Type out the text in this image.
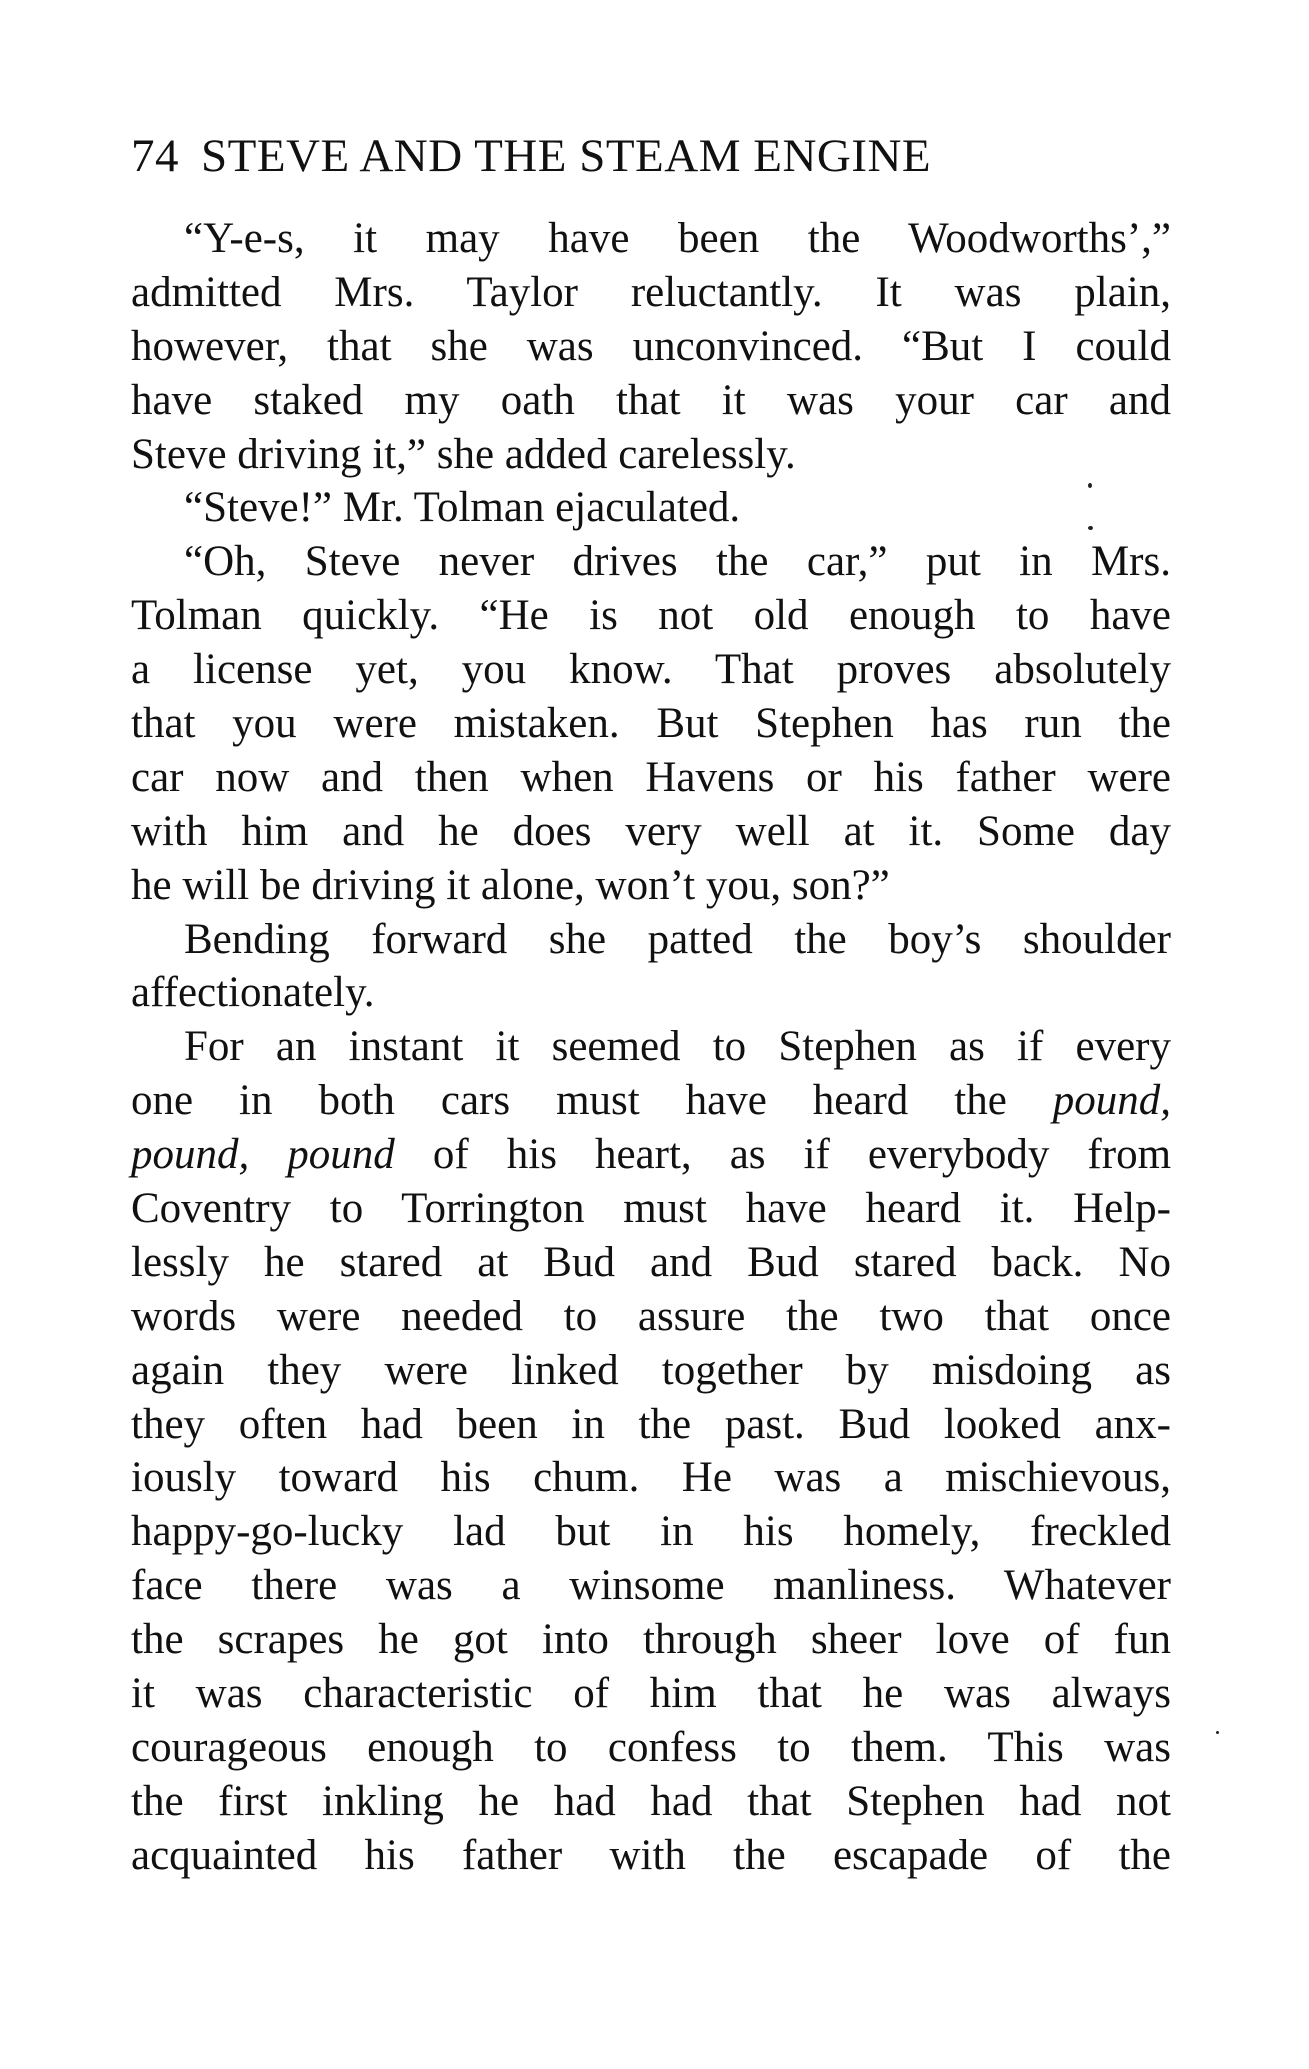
74 STEVE AND THE STEAM ENGINE
“Y-e-s, it may have been the Woodworths’,”
admitted Mrs. Taylor reluctantly. It was plain,
however, that she was unconvinced. “But I could
have staked my oath that it was your car and
Steve driving it,” she added carelessly.
“Steve!” Mr. Tolman ejaculated.
“Oh, Steve never drives the car,” put in Mrs.
Tolman quickly. “He is not old enough to have
a license yet, you know. That proves absolutely
that you were mistaken. But Stephen has run the
car now and then when Havens or his father were
with him and he does very well at it. Some day
he will be driving it alone, won’t you, son?”
Bending forward she patted the boy’s shoulder
affectionately.
For an instant it seemed to Stephen as if every
one in both cars must have heard the pound,
pound, pound of his heart, as if everybody from
Coventry to Torrington must have heard it. Help-
lessly he stared at Bud and Bud stared back. No
words were needed to assure the two that once
again they were linked together by misdoing as
they often had been in the past. Bud looked anx-
iously toward his chum. He was a mischievous,
happy-go-lucky lad but in his homely, freckled
face there was a winsome manliness. Whatever
the scrapes he got into through sheer love of fun
it was characteristic of him that he was always
courageous enough to confess to them. This was
the first inkling he had had that Stephen had not
acquainted his father with the escapade of the
